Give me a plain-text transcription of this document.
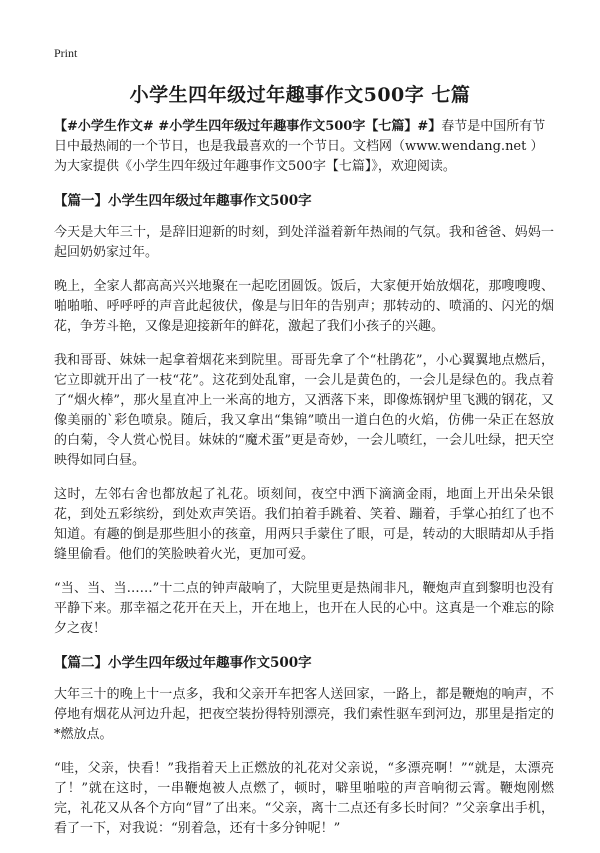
Print
小学生四年级过年趣事作文500字 七篇

【#小学生作文# #小学生四年级过年趣事作文500字【七篇】#】春节是中国所有节日中最热闹的一个节日，也是我最喜欢的一个节日。文档网（www.wendang.net ）为大家提供《小学生四年级过年趣事作文500字【七篇】》，欢迎阅读。

【篇一】小学生四年级过年趣事作文500字

今天是大年三十，是辞旧迎新的时刻，到处洋溢着新年热闹的气氛。我和爸爸、妈妈一起回奶奶家过年。

晚上，全家人都高高兴兴地聚在一起吃团圆饭。饭后，大家便开始放烟花，那嗖嗖嗖、啪啪啪、呼呼呼的声音此起彼伏，像是与旧年的告别声；那转动的、喷涌的、闪光的烟花，争芳斗艳，又像是迎接新年的鲜花，激起了我们小孩子的兴趣。

我和哥哥、妹妹一起拿着烟花来到院里。哥哥先拿了个“杜鹃花”，小心翼翼地点燃后，它立即就开出了一枝“花”。这花到处乱窜，一会儿是黄色的，一会儿是绿色的。我点着了“烟火棒”，那火星直冲上一米高的地方，又洒落下来，即像炼钢炉里飞溅的钢花，又像美丽的`彩色喷泉。随后，我又拿出“集锦”喷出一道白色的火焰，仿佛一朵正在怒放的白菊，令人赏心悦目。妹妹的“魔术蛋”更是奇妙，一会儿喷红，一会儿吐绿，把天空映得如同白昼。

这时，左邻右舍也都放起了礼花。顷刻间，夜空中洒下滴滴金雨，地面上开出朵朵银花，到处五彩缤纷，到处欢声笑语。我们拍着手跳着、笑着、蹦着，手掌心拍红了也不知道。有趣的倒是那些胆小的孩童，用两只手蒙住了眼，可是，转动的大眼睛却从手指缝里偷看。他们的笑脸映着火光，更加可爱。

“当、当、当……”十二点的钟声敲响了，大院里更是热闹非凡，鞭炮声直到黎明也没有平静下来。那幸福之花开在天上，开在地上，也开在人民的心中。这真是一个难忘的除夕之夜！

【篇二】小学生四年级过年趣事作文500字

大年三十的晚上十一点多，我和父亲开车把客人送回家，一路上，都是鞭炮的响声，不停地有烟花从河边升起，把夜空装扮得特别漂亮，我们索性驱车到河边，那里是指定的*燃放点。

“哇，父亲，快看！”我指着天上正燃放的礼花对父亲说，“多漂亮啊！”“就是，太漂亮了！”就在这时，一串鞭炮被人点燃了，顿时，噼里啪啦的声音响彻云霄。鞭炮刚燃完，礼花又从各个方向“冒”了出来。“父亲，离十二点还有多长时间？”父亲拿出手机，看了一下，对我说：“别着急，还有十多分钟呢！”
